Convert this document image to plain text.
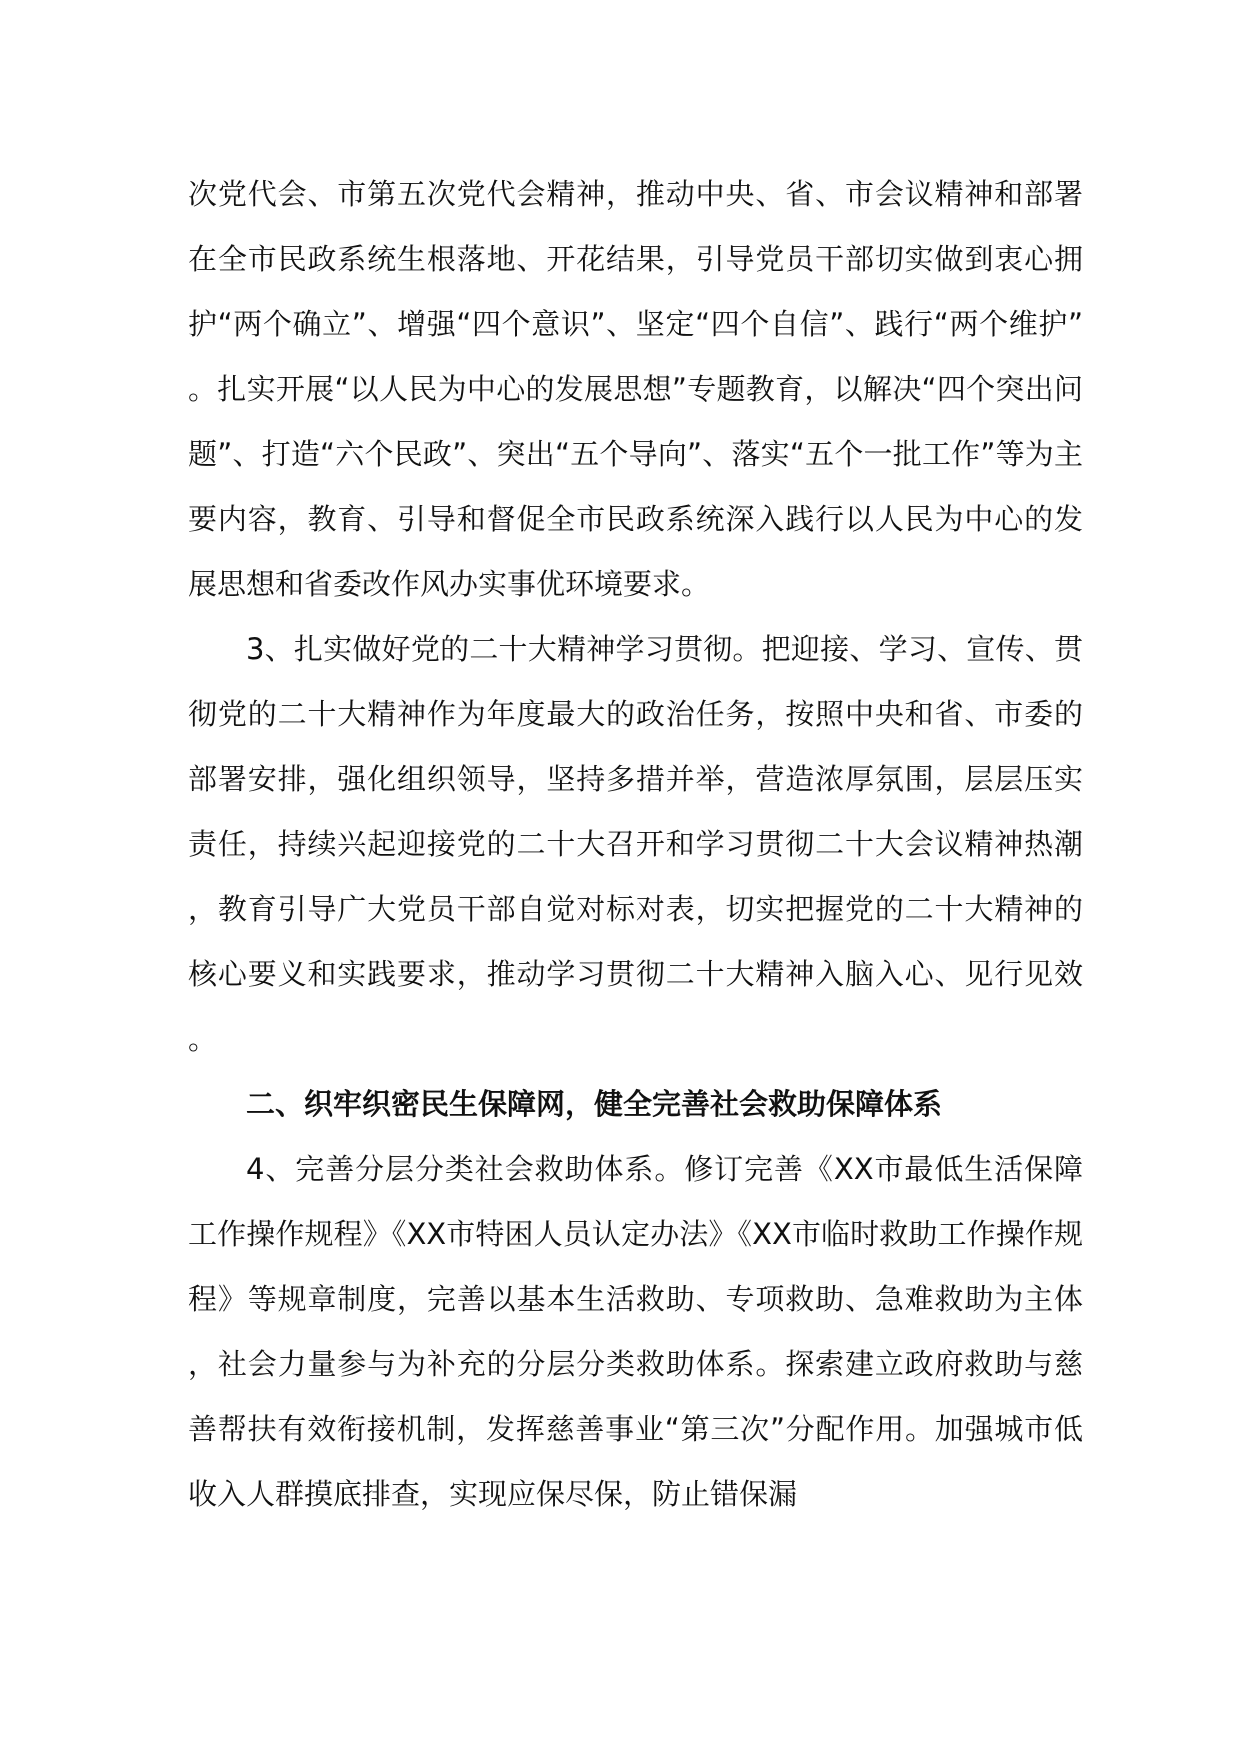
次党代会、市第五次党代会精神，推动中央、省、市会议精神和部署在全市民政系统生根落地、开花结果，引导党员干部切实做到衷心拥护“两个确立”、增强“四个意识”、坚定“四个自信”、践行“两个维护”。扎实开展“以人民为中心的发展思想”专题教育，以解决“四个突出问题”、打造“六个民政”、突出“五个导向”、落实“五个一批工作”等为主要内容，教育、引导和督促全市民政系统深入践行以人民为中心的发展思想和省委改作风办实事优环境要求。

3、扎实做好党的二十大精神学习贯彻。把迎接、学习、宣传、贯彻党的二十大精神作为年度最大的政治任务，按照中央和省、市委的部署安排，强化组织领导，坚持多措并举，营造浓厚氛围，层层压实责任，持续兴起迎接党的二十大召开和学习贯彻二十大会议精神热潮，教育引导广大党员干部自觉对标对表，切实把握党的二十大精神的核心要义和实践要求，推动学习贯彻二十大精神入脑入心、见行见效。

二、织牢织密民生保障网，健全完善社会救助保障体系

4、完善分层分类社会救助体系。修订完善《XX市最低生活保障工作操作规程》《XX市特困人员认定办法》《XX市临时救助工作操作规程》等规章制度，完善以基本生活救助、专项救助、急难救助为主体，社会力量参与为补充的分层分类救助体系。探索建立政府救助与慈善帮扶有效衔接机制，发挥慈善事业“第三次”分配作用。加强城市低收入人群摸底排查，实现应保尽保，防止错保漏
